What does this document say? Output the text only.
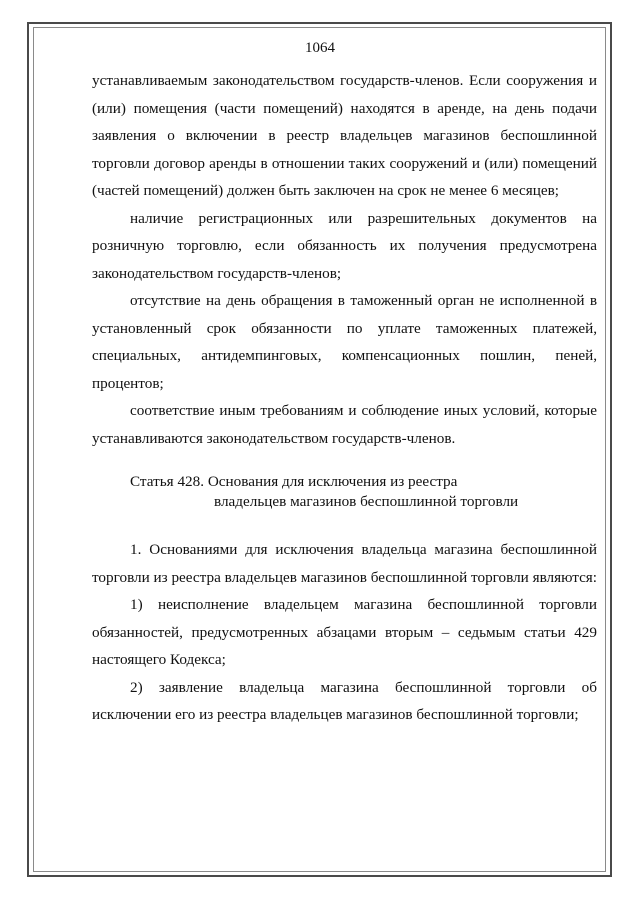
1064

устанавливаемым законодательством государств-членов. Если сооружения и (или) помещения (части помещений) находятся в аренде, на день подачи заявления о включении в реестр владельцев магазинов беспошлинной торговли договор аренды в отношении таких сооружений и (или) помещений (частей помещений) должен быть заключен на срок не менее 6 месяцев;

наличие регистрационных или разрешительных документов на розничную торговлю, если обязанность их получения предусмотрена законодательством государств-членов;

отсутствие на день обращения в таможенный орган не исполненной в установленный срок обязанности по уплате таможенных платежей, специальных, антидемпинговых, компенсационных пошлин, пеней, процентов;

соответствие иным требованиям и соблюдение иных условий, которые устанавливаются законодательством государств-членов.

Статья 428. Основания для исключения из реестра
владельцев магазинов беспошлинной торговли

1. Основаниями для исключения владельца магазина беспошлинной торговли из реестра владельцев магазинов беспошлинной торговли являются:

1) неисполнение владельцем магазина беспошлинной торговли обязанностей, предусмотренных абзацами вторым – седьмым статьи 429 настоящего Кодекса;

2) заявление владельца магазина беспошлинной торговли об исключении его из реестра владельцев магазинов беспошлинной торговли;
